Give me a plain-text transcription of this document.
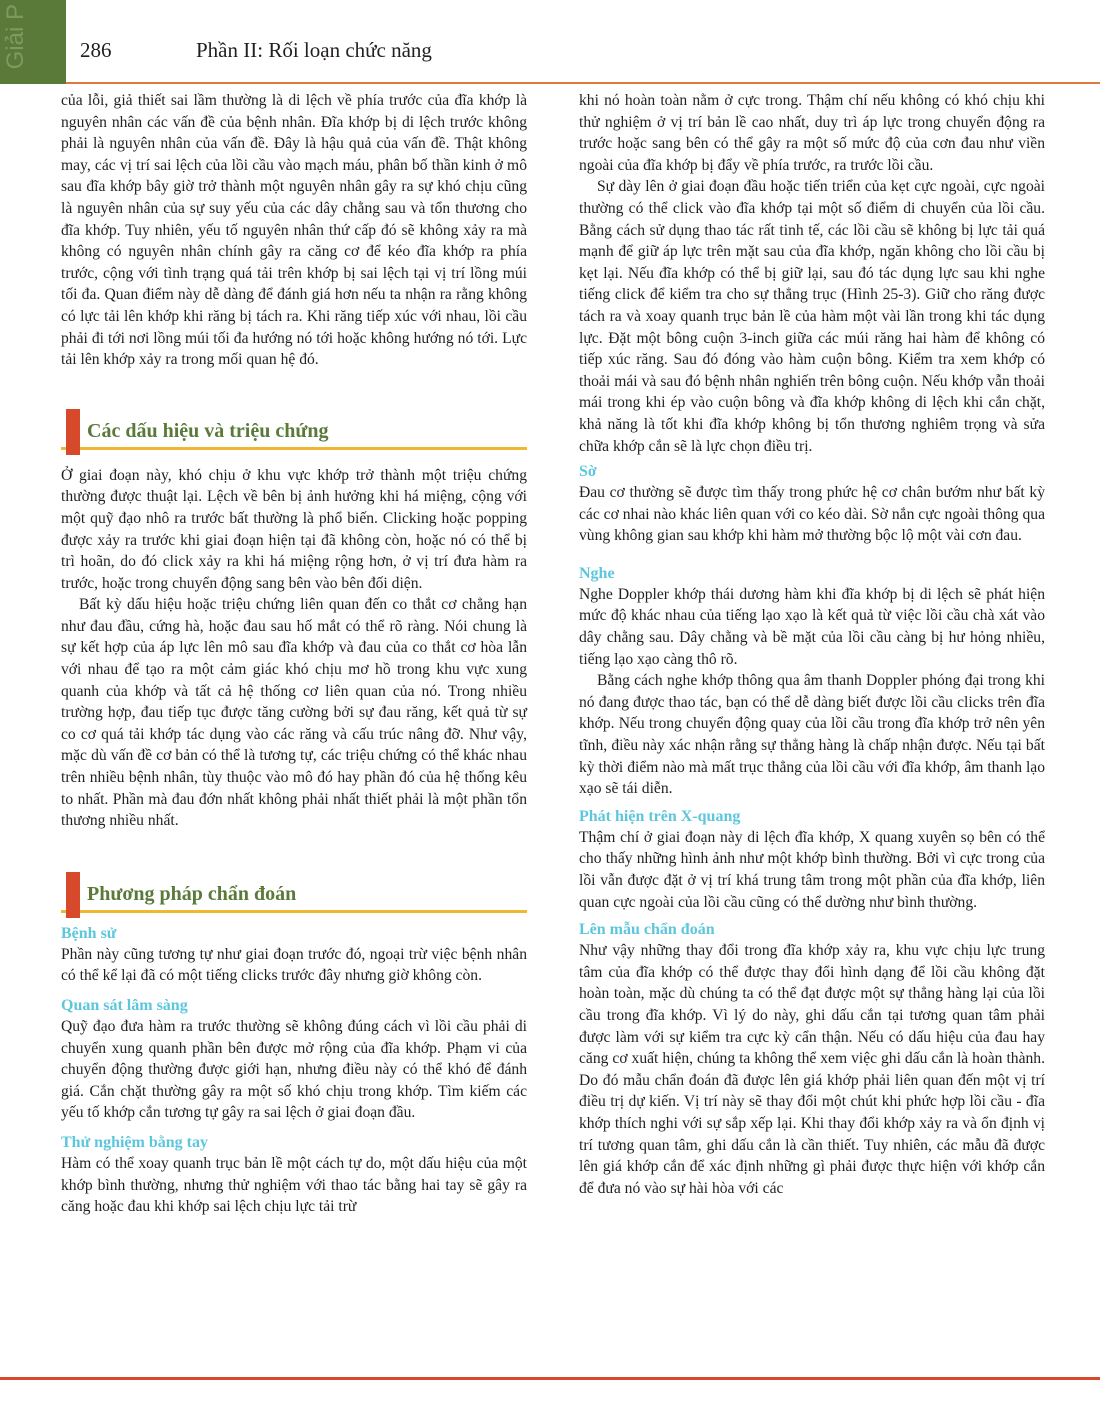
Giải P 286	Phần II: Rối loạn chức năng

của lỗi, giả thiết sai lầm thường là di lệch về phía trước của đĩa khớp là nguyên nhân các vấn đề của bệnh nhân. Đĩa khớp bị di lệch trước không phải là nguyên nhân của vấn đề. Đây là hậu quả của vấn đề. Thật không may, các vị trí sai lệch của lồi cầu vào mạch máu, phân bố thần kinh ở mô sau đĩa khớp bây giờ trở thành một nguyên nhân gây ra sự khó chịu cũng là nguyên nhân của sự suy yếu của các dây chằng sau và tổn thương cho đĩa khớp. Tuy nhiên, yếu tố nguyên nhân thứ cấp đó sẽ không xảy ra mà không có nguyên nhân chính gây ra căng cơ để kéo đĩa khớp ra phía trước, cộng với tình trạng quá tải trên khớp bị sai lệch tại vị trí lồng múi tối đa. Quan điểm này dễ dàng để đánh giá hơn nếu ta nhận ra rằng không có lực tải lên khớp khi răng bị tách ra. Khi răng tiếp xúc với nhau, lồi cầu phải đi tới nơi lồng múi tối đa hướng nó tới hoặc không hướng nó tới. Lực tải lên khớp xảy ra trong mối quan hệ đó.

Các dấu hiệu và triệu chứng

Ở giai đoạn này, khó chịu ở khu vực khớp trở thành một triệu chứng thường được thuật lại. Lệch về bên bị ảnh hưởng khi há miệng, cộng với một quỹ đạo nhô ra trước bất thường là phổ biến. Clicking hoặc popping được xảy ra trước khi giai đoạn hiện tại đã không còn, hoặc nó có thể bị trì hoãn, do đó click xảy ra khi há miệng rộng hơn, ở vị trí đưa hàm ra trước, hoặc trong chuyển động sang bên vào bên đối diện.

Bất kỳ dấu hiệu hoặc triệu chứng liên quan đến co thắt cơ chẳng hạn như đau đầu, cứng hà, hoặc đau sau hố mắt có thể rõ ràng. Nói chung là sự kết hợp của áp lực lên mô sau đĩa khớp và đau của co thắt cơ hòa lẫn với nhau để tạo ra một cảm giác khó chịu mơ hồ trong khu vực xung quanh của khớp và tất cả hệ thống cơ liên quan của nó. Trong nhiều trường hợp, đau tiếp tục được tăng cường bởi sự đau răng, kết quả từ sự co cơ quá tải khớp tác dụng vào các răng và cấu trúc nâng đỡ. Như vậy, mặc dù vấn đề cơ bản có thể là tương tự, các triệu chứng có thể khác nhau trên nhiều bệnh nhân, tùy thuộc vào mô đó hay phần đó của hệ thống kêu to nhất. Phần mà đau đớn nhất không phải nhất thiết phải là một phần tổn thương nhiều nhất.

Phương pháp chẩn đoán
Bệnh sử

Phần này cũng tương tự như giai đoạn trước đó, ngoại trừ việc bệnh nhân có thể kể lại đã có một tiếng clicks trước đây nhưng giờ không còn.

Quan sát lâm sàng

Quỹ đạo đưa hàm ra trước thường sẽ không đúng cách vì lồi cầu phải di chuyển xung quanh phần bên được mở rộng của đĩa khớp. Phạm vi của chuyển động thường được giới hạn, nhưng điều này có thể khó để đánh giá. Cắn chặt thường gây ra một số khó chịu trong khớp. Tìm kiếm các yếu tố khớp cắn tương tự gây ra sai lệch ở giai đoạn đầu.

Thử nghiệm bằng tay

Hàm có thể xoay quanh trục bản lề một cách tự do, một dấu hiệu của một khớp bình thường, nhưng thử nghiệm với thao tác bằng hai tay sẽ gây ra căng hoặc đau khi khớp sai lệch chịu lực tải trừ

khi nó hoàn toàn nằm ở cực trong. Thậm chí nếu không có khó chịu khi thử nghiệm ở vị trí bản lề cao nhất, duy trì áp lực trong chuyển động ra trước hoặc sang bên có thể gây ra một số mức độ của cơn đau như viền ngoài của đĩa khớp bị đẩy về phía trước, ra trước lồi cầu.

Sự dày lên ở giai đoạn đầu hoặc tiến triển của kẹt cực ngoài, cực ngoài thường có thể click vào đĩa khớp tại một số điểm di chuyển của lồi cầu. Bằng cách sử dụng thao tác rất tinh tế, các lồi cầu sẽ không bị lực tải quá mạnh để giữ áp lực trên mặt sau của đĩa khớp, ngăn không cho lồi cầu bị kẹt lại. Nếu đĩa khớp có thể bị giữ lại, sau đó tác dụng lực sau khi nghe tiếng click để kiểm tra cho sự thẳng trục (Hình 25-3). Giữ cho răng được tách ra và xoay quanh trục bản lề của hàm một vài lần trong khi tác dụng lực. Đặt một bông cuộn 3-inch giữa các múi răng hai hàm để không có tiếp xúc răng. Sau đó đóng vào hàm cuộn bông. Kiểm tra xem khớp có thoải mái và sau đó bệnh nhân nghiến trên bông cuộn. Nếu khớp vẫn thoải mái trong khi ép vào cuộn bông và đĩa khớp không di lệch khi cắn chặt, khả năng là tốt khi đĩa khớp không bị tổn thương nghiêm trọng và sửa chữa khớp cắn sẽ là lực chọn điều trị.

Sờ

Đau cơ thường sẽ được tìm thấy trong phức hệ cơ chân bướm như bất kỳ các cơ nhai nào khác liên quan với co kéo dài. Sờ nắn cực ngoài thông qua vùng không gian sau khớp khi hàm mở thường bộc lộ một vài cơn đau.

Nghe

Nghe Doppler khớp thái dương hàm khi đĩa khớp bị di lệch sẽ phát hiện mức độ khác nhau của tiếng lạo xạo là kết quả từ việc lồi cầu chà xát vào dây chằng sau. Dây chằng và bề mặt của lồi cầu càng bị hư hỏng nhiều, tiếng lạo xạo càng thô rõ.

Bằng cách nghe khớp thông qua âm thanh Doppler phóng đại trong khi nó đang được thao tác, bạn có thể dễ dàng biết được lồi cầu clicks trên đĩa khớp. Nếu trong chuyển động quay của lồi cầu trong đĩa khớp trở nên yên tĩnh, điều này xác nhận rằng sự thẳng hàng là chấp nhận được. Nếu tại bất kỳ thời điểm nào mà mất trục thẳng của lồi cầu với đĩa khớp, âm thanh lạo xạo sẽ tái diễn.

Phát hiện trên X-quang

Thậm chí ở giai đoạn này di lệch đĩa khớp, X quang xuyên sọ bên có thể cho thấy những hình ảnh như một khớp bình thường. Bởi vì cực trong của lồi vẫn được đặt ở vị trí khá trung tâm trong một phần của đĩa khớp, liên quan cực ngoài của lồi cầu cũng có thể dường như bình thường.

Lên mẫu chẩn đoán

Như vậy những thay đổi trong đĩa khớp xảy ra, khu vực chịu lực trung tâm của đĩa khớp có thể được thay đổi hình dạng để lồi cầu không đặt hoàn toàn, mặc dù chúng ta có thể đạt được một sự thẳng hàng lại của lồi cầu trong đĩa khớp. Vì lý do này, ghi dấu cắn tại tương quan tâm phải được làm với sự kiểm tra cực kỳ cẩn thận. Nếu có dấu hiệu của đau hay căng cơ xuất hiện, chúng ta không thể xem việc ghi dấu cắn là hoàn thành. Do đó mẫu chẩn đoán đã được lên giá khớp phải liên quan đến một vị trí điều trị dự kiến. Vị trí này sẽ thay đổi một chút khi phức hợp lồi cầu - đĩa khớp thích nghi với sự sắp xếp lại. Khi thay đổi khớp xảy ra và ổn định vị trí tương quan tâm, ghi dấu cắn là cần thiết. Tuy nhiên, các mẫu đã được lên giá khớp cắn để xác định những gì phải được thực hiện với khớp cắn để đưa nó vào sự hài hòa với các
